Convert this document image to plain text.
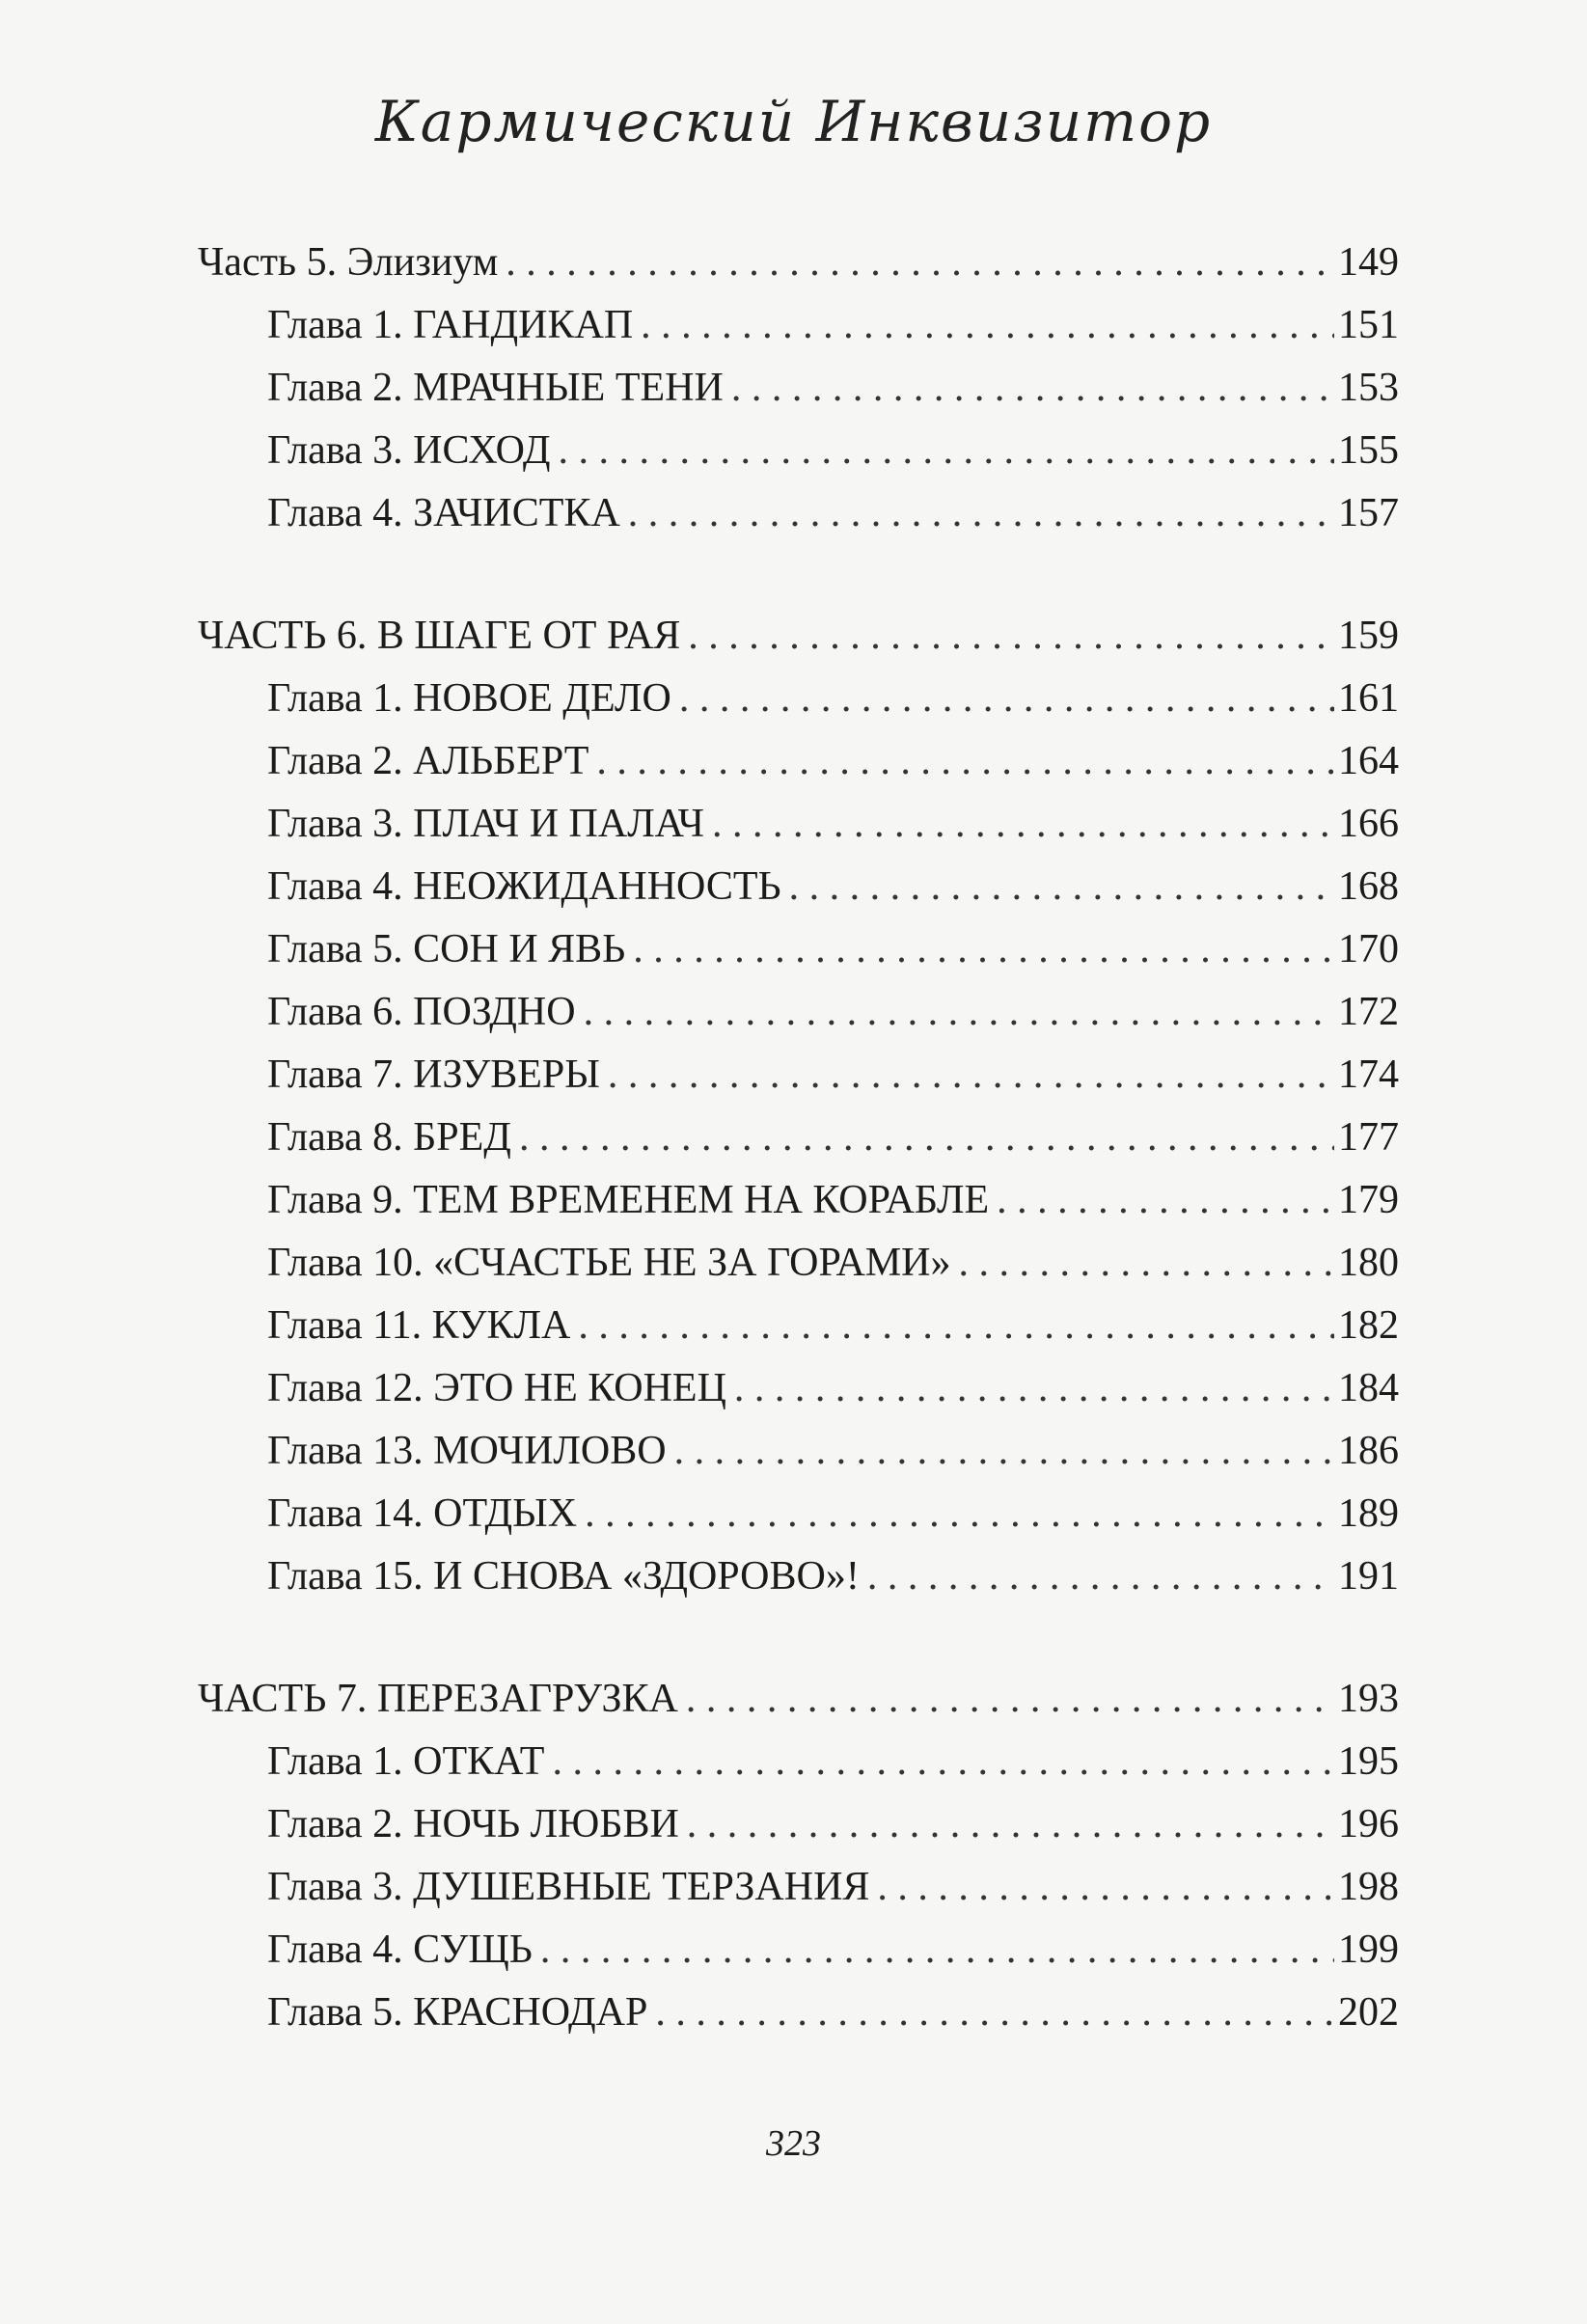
Кармический Инквизитор
Часть 5. Элизиум . . .	149
Глава 1. ГАНДИКАП . . .	151
Глава 2. МРАЧНЫЕ ТЕНИ . . .	153
Глава 3. ИСХОД . . .	155
Глава 4. ЗАЧИСТКА . . .	157
ЧАСТЬ 6. В ШАГЕ ОТ РАЯ . . .	159
Глава 1. НОВОЕ ДЕЛО . . .	161
Глава 2. АЛЬБЕРТ . . .	164
Глава 3. ПЛАЧ И ПАЛАЧ . . .	166
Глава 4. НЕОЖИДАННОСТЬ . . .	168
Глава 5. СОН И ЯВЬ . . .	170
Глава 6. ПОЗДНО . . .	172
Глава 7. ИЗУВЕРЫ . . .	174
Глава 8. БРЕД . . .	177
Глава 9. ТЕМ ВРЕМЕНЕМ НА КОРАБЛЕ . . .	179
Глава 10. «СЧАСТЬЕ НЕ ЗА ГОРАМИ» . . .	180
Глава 11. КУКЛА . . .	182
Глава 12. ЭТО НЕ КОНЕЦ . . .	184
Глава 13. МОЧИЛОВО . . .	186
Глава 14. ОТДЫХ . . .	189
Глава 15. И СНОВА «ЗДОРОВО»! . . .	191
ЧАСТЬ 7. ПЕРЕЗАГРУЗКА . . .	193
Глава 1. ОТКАТ . . .	195
Глава 2. НОЧЬ ЛЮБВИ . . .	196
Глава 3. ДУШЕВНЫЕ ТЕРЗАНИЯ . . .	198
Глава 4. СУЩЬ . . .	199
Глава 5. КРАСНОДАР . . .	202
323
